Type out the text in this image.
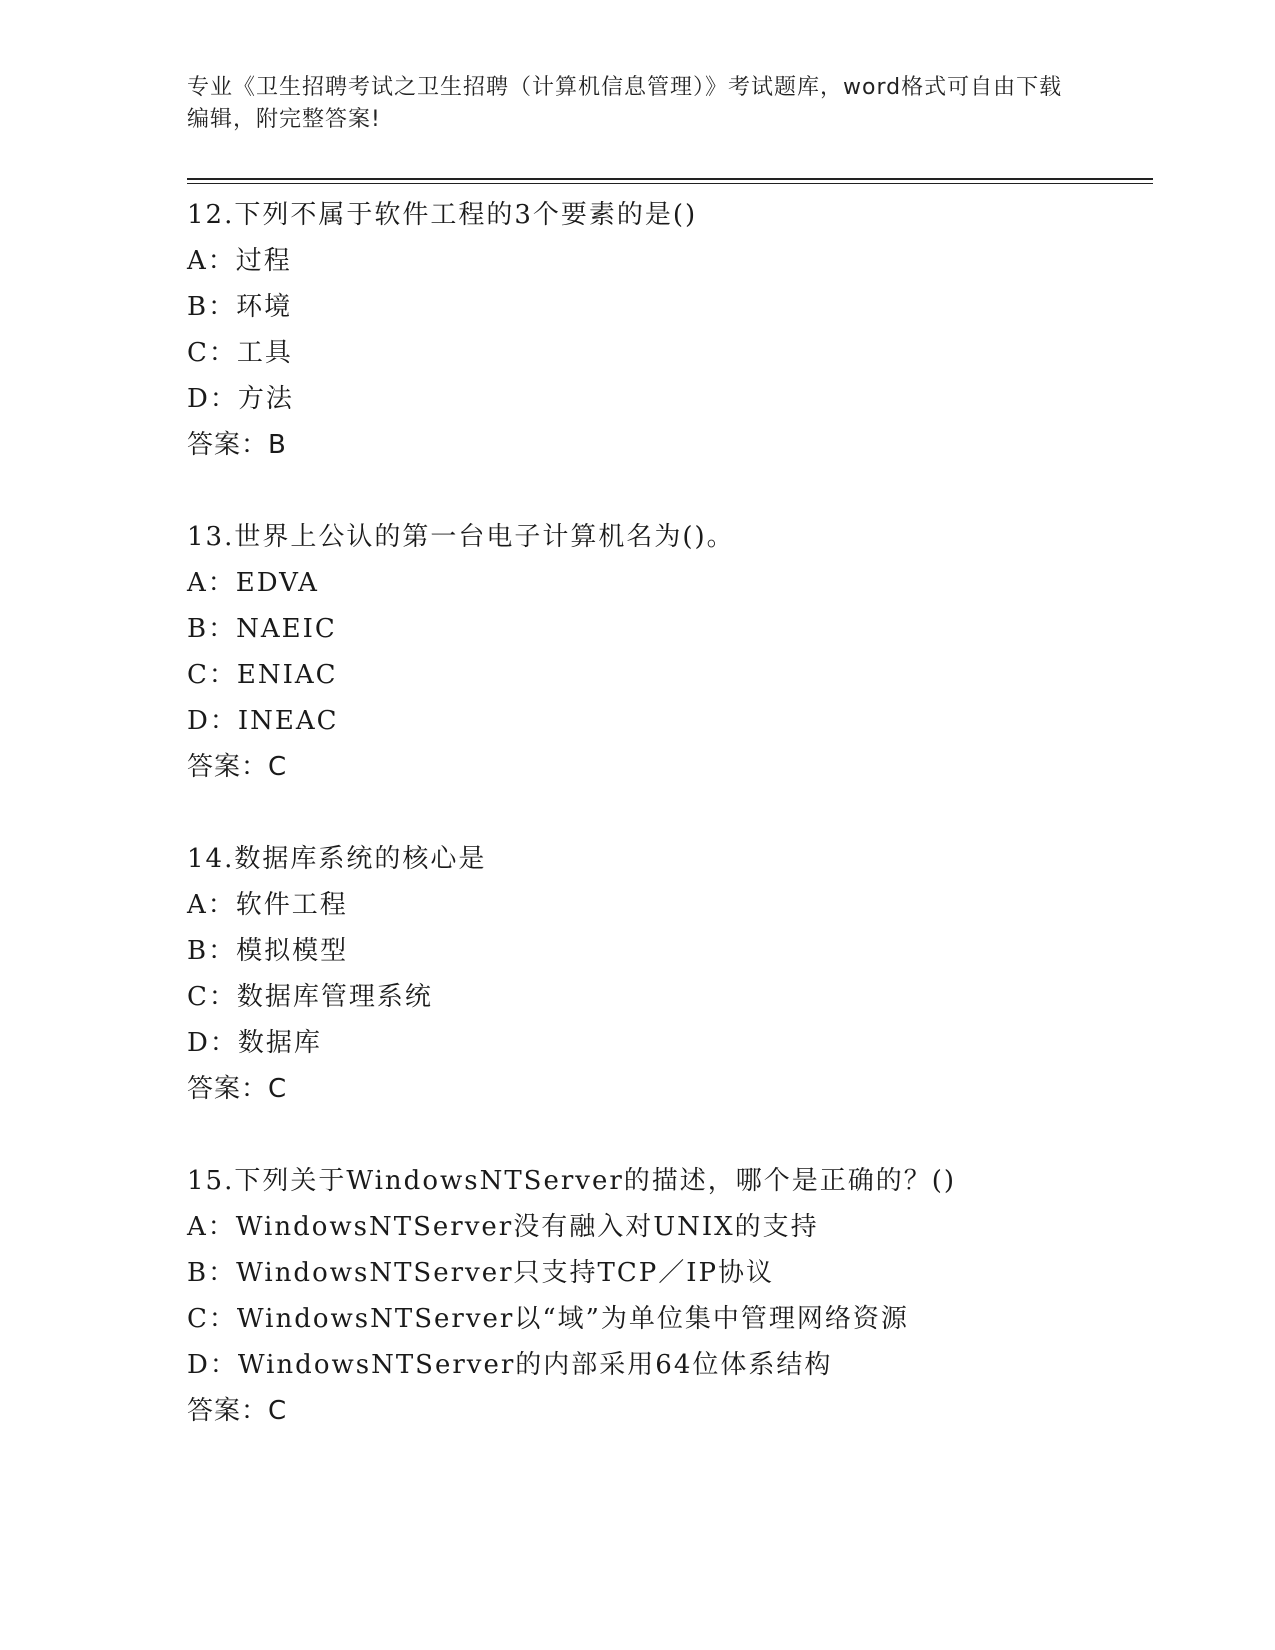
专业《卫生招聘考试之卫生招聘（计算机信息管理）》考试题库，word格式可自由下载编辑，附完整答案!
12.下列不属于软件工程的3个要素的是()
A：过程
B：环境
C：工具
D：方法
答案：B
13.世界上公认的第一台电子计算机名为()。
A：EDVA
B：NAEIC
C：ENIAC
D：INEAC
答案：C
14.数据库系统的核心是
A：软件工程
B：模拟模型
C：数据库管理系统
D：数据库
答案：C
15.下列关于WindowsNTServer的描述，哪个是正确的？()
A：WindowsNTServer没有融入对UNIX的支持
B：WindowsNTServer只支持TCP／IP协议
C：WindowsNTServer以“域”为单位集中管理网络资源
D：WindowsNTServer的内部采用64位体系结构
答案：C
